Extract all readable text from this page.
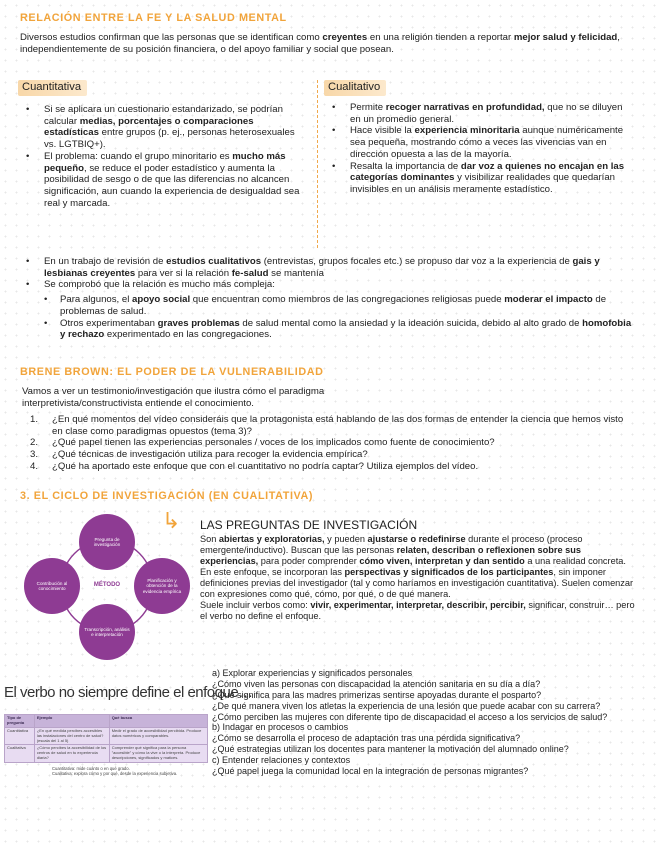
RELACIÓN ENTRE LA FE Y LA SALUD MENTAL

Diversos estudios confirman que las personas que se identifican como creyentes en una religión tienden a reportar mejor salud y felicidad, independientemente de su posición financiera, o del apoyo familiar y social que posean.

Cuantitativa
• Si se aplicara un cuestionario estandarizado, se podrían calcular medias, porcentajes o comparaciones estadísticas entre grupos (p. ej., personas heterosexuales vs. LGTBIQ+).
• El problema: cuando el grupo minoritario es mucho más pequeño, se reduce el poder estadístico y aumenta la posibilidad de sesgo o de que las diferencias no alcancen significación, aun cuando la experiencia de desigualdad sea real y marcada.
Cualitativo
• Permite recoger narrativas en profundidad, que no se diluyen en un promedio general.
• Hace visible la experiencia minoritaria aunque numéricamente sea pequeña, mostrando cómo a veces las vivencias van en dirección opuesta a las de la mayoría.
• Resalta la importancia de dar voz a quienes no encajan en las categorías dominantes y visibilizar realidades que quedarían invisibles en un análisis meramente estadístico.
• En un trabajo de revisión de estudios cualitativos (entrevistas, grupos focales etc.) se propuso dar voz a la experiencia de gais y lesbianas creyentes para ver si la relación fe-salud se mantenía
• Se comprobó que la relación es mucho más compleja:
• Para algunos, el apoyo social que encuentran como miembros de las congregaciones religiosas puede moderar el impacto de problemas de salud.
• Otros experimentaban graves problemas de salud mental como la ansiedad y la ideación suicida, debido al alto grado de homofobia y rechazo experimentado en las congregaciones.
BRENE BROWN: EL PODER DE LA VULNERABILIDAD

Vamos a ver un testimonio/investigación que ilustra cómo el paradigma interpretivista/constructivista entiende el conocimiento.

1. ¿En qué momentos del vídeo consideráis que la protagonista está hablando de las dos formas de entender la ciencia que hemos visto en clase como paradigmas opuestos (tema 3)?
2. ¿Qué papel tienen las experiencias personales / voces de los implicados como fuente de conocimiento?
3. ¿Qué técnicas de investigación utiliza para recoger la evidencia empírica?
4. ¿Qué ha aportado este enfoque que con el cuantitativo no podría captar? Utiliza ejemplos del vídeo.
3. EL CICLO DE INVESTIGACIÓN (EN CUALITATIVA)
Pregunta de investigación
Planificación y obtención de la evidencia empírica
Transcripción, análisis e interpretación
Contribución al conocimiento
MÉTODO
↳ LAS PREGUNTAS DE INVESTIGACIÓN

Son abiertas y exploratorias, y pueden ajustarse o redefinirse durante el proceso (proceso emergente/inductivo). Buscan que las personas relaten, describan o reflexionen sobre sus experiencias, para poder comprender cómo viven, interpretan y dan sentido a una realidad concreta.

En este enfoque, se incorporan las perspectivas y significados de los participantes, sin imponer definiciones previas del investigador (tal y como haríamos en investigación cuantitativa). Suelen comenzar con expresiones como qué, cómo, por qué, o de qué manera.

Suele incluir verbos como: vivir, experimentar, interpretar, describir, percibir, significar, construir… pero el verbo no define el enfoque.

El verbo no siempre define el enfoque…
Tipo de pregunta	Ejemplo	Qué busca
Cuantitativa	¿En qué medida percibes accesibles las instalaciones del centro de salud? (escala del 1 al 5)	Medir el grado de accesibilidad percibida. Produce datos numéricos y comparables.
Cualitativa	¿Cómo percibes la accesibilidad de los centros de salud en tu experiencia diaria?	Comprender qué significa para la persona "accesible" y cómo la vive o la interpreta. Produce descripciones, significados y matices.
Cuantitativa: mide cuánto o en qué grado.
Cualitativa: explora cómo y por qué, desde la experiencia subjetiva.
a) Explorar experiencias y significados personales
¿Cómo viven las personas con discapacidad la atención sanitaria en su día a día?
¿Qué significa para las madres primerizas sentirse apoyadas durante el posparto?
¿De qué manera viven los atletas la experiencia de una lesión que puede acabar con su carrera?
¿Cómo perciben las mujeres con diferente tipo de discapacidad el acceso a los servicios de salud?
b) Indagar en procesos o cambios
¿Cómo se desarrolla el proceso de adaptación tras una pérdida significativa?
¿Qué estrategias utilizan los docentes para mantener la motivación del alumnado online?
c) Entender relaciones y contextos
¿Qué papel juega la comunidad local en la integración de personas migrantes?
